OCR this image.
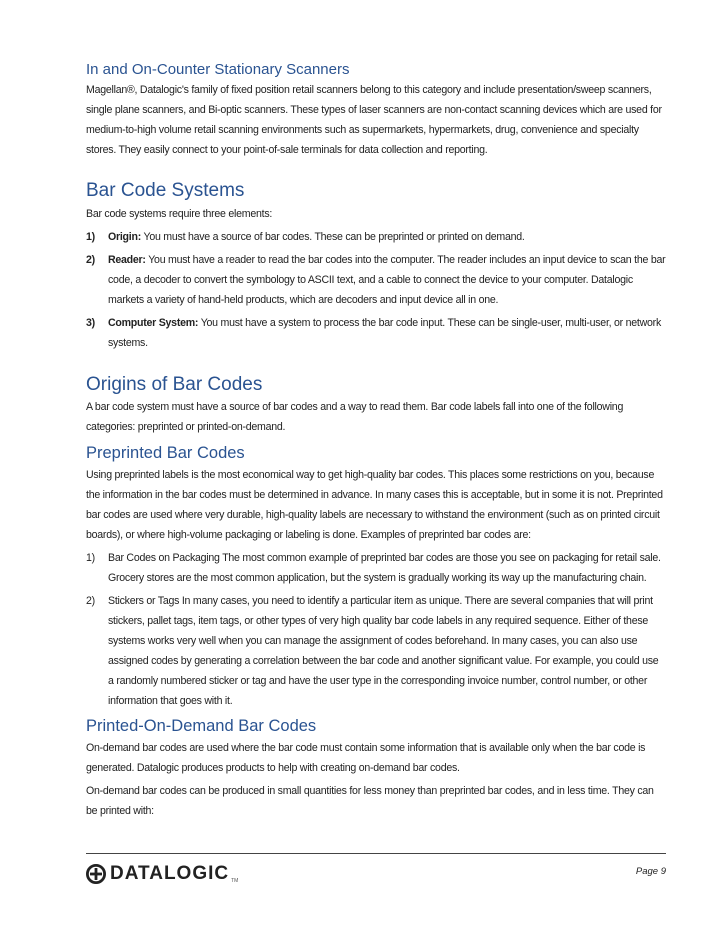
In and On-Counter Stationary Scanners

Magellan®, Datalogic's family of fixed position retail scanners belong to this category and include presentation/sweep scanners, single plane scanners, and Bi-optic scanners. These types of laser scanners are non-contact scanning devices which are used for medium-to-high volume retail scanning environments such as supermarkets, hypermarkets, drug, convenience and specialty stores. They easily connect to your point-of-sale terminals for data collection and reporting.

Bar Code Systems

Bar code systems require three elements:

1) Origin: You must have a source of bar codes. These can be preprinted or printed on demand.
2) Reader: You must have a reader to read the bar codes into the computer. The reader includes an input device to scan the bar code, a decoder to convert the symbology to ASCII text, and a cable to connect the device to your computer. Datalogic markets a variety of hand-held products, which are decoders and input device all in one.
3) Computer System: You must have a system to process the bar code input. These can be single-user, multi-user, or network systems.
Origins of Bar Codes

A bar code system must have a source of bar codes and a way to read them. Bar code labels fall into one of the following categories: preprinted or printed-on-demand.

Preprinted Bar Codes

Using preprinted labels is the most economical way to get high-quality bar codes. This places some restrictions on you, because the information in the bar codes must be determined in advance. In many cases this is acceptable, but in some it is not. Preprinted bar codes are used where very durable, high-quality labels are necessary to withstand the environment (such as on printed circuit boards), or where high-volume packaging or labeling is done. Examples of preprinted bar codes are:

1) Bar Codes on Packaging The most common example of preprinted bar codes are those you see on packaging for retail sale. Grocery stores are the most common application, but the system is gradually working its way up the manufacturing chain.
2) Stickers or Tags In many cases, you need to identify a particular item as unique. There are several companies that will print stickers, pallet tags, item tags, or other types of very high quality bar code labels in any required sequence. Either of these systems works very well when you can manage the assignment of codes beforehand. In many cases, you can also use assigned codes by generating a correlation between the bar code and another significant value. For example, you could use a randomly numbered sticker or tag and have the user type in the corresponding invoice number, control number, or other information that goes with it.
Printed-On-Demand Bar Codes

On-demand bar codes are used where the bar code must contain some information that is available only when the bar code is generated. Datalogic produces products to help with creating on-demand bar codes.

On-demand bar codes can be produced in small quantities for less money than preprinted bar codes, and in less time. They can be printed with:

DATALOGIC TM
Page 9
